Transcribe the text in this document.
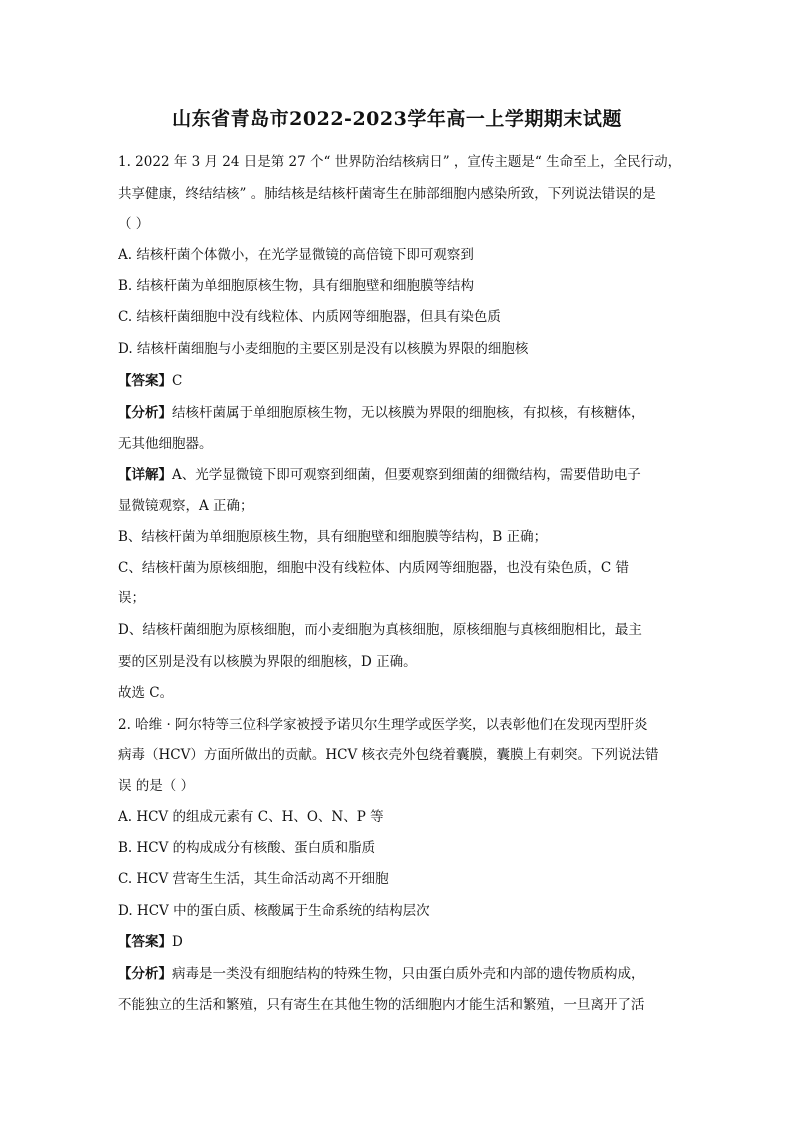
山东省青岛市2022-2023学年高一上学期期末试题
1. 2022 年 3 月 24 日是第 27 个“ 世界防治结核病日” ，宣传主题是“ 生命至上，全民行动，
共享健康，终结结核” 。肺结核是结核杆菌寄生在肺部细胞内感染所致，下列说法错误的是
（ ）
A. 结核杆菌个体微小，在光学显微镜的高倍镜下即可观察到
B. 结核杆菌为单细胞原核生物，具有细胞壁和细胞膜等结构
C. 结核杆菌细胞中没有线粒体、内质网等细胞器，但具有染色质
D. 结核杆菌细胞与小麦细胞的主要区别是没有以核膜为界限的细胞核
【答案】C
【分析】结核杆菌属于单细胞原核生物，无以核膜为界限的细胞核，有拟核，有核糖体，
无其他细胞器。
【详解】A、光学显微镜下即可观察到细菌，但要观察到细菌的细微结构，需要借助电子
显微镜观察，A 正确；
B、结核杆菌为单细胞原核生物，具有细胞壁和细胞膜等结构，B 正确；
C、结核杆菌为原核细胞，细胞中没有线粒体、内质网等细胞器，也没有染色质，C 错
误；
D、结核杆菌细胞为原核细胞，而小麦细胞为真核细胞，原核细胞与真核细胞相比，最主
要的区别是没有以核膜为界限的细胞核，D 正确。
故选 C。
2. 哈维 · 阿尔特等三位科学家被授予诺贝尔生理学或医学奖，以表彰他们在发现丙型肝炎
病毒（HCV）方面所做出的贡献。HCV 核衣壳外包绕着囊膜，囊膜上有刺突。下列说法错
误 的是（ ）
A. HCV 的组成元素有 C、H、O、N、P 等
B. HCV 的构成成分有核酸、蛋白质和脂质
C. HCV 营寄生生活，其生命活动离不开细胞
D. HCV 中的蛋白质、核酸属于生命系统的结构层次
【答案】D
【分析】病毒是一类没有细胞结构的特殊生物，只由蛋白质外壳和内部的遗传物质构成，
不能独立的生活和繁殖，只有寄生在其他生物的活细胞内才能生活和繁殖，一旦离开了活
